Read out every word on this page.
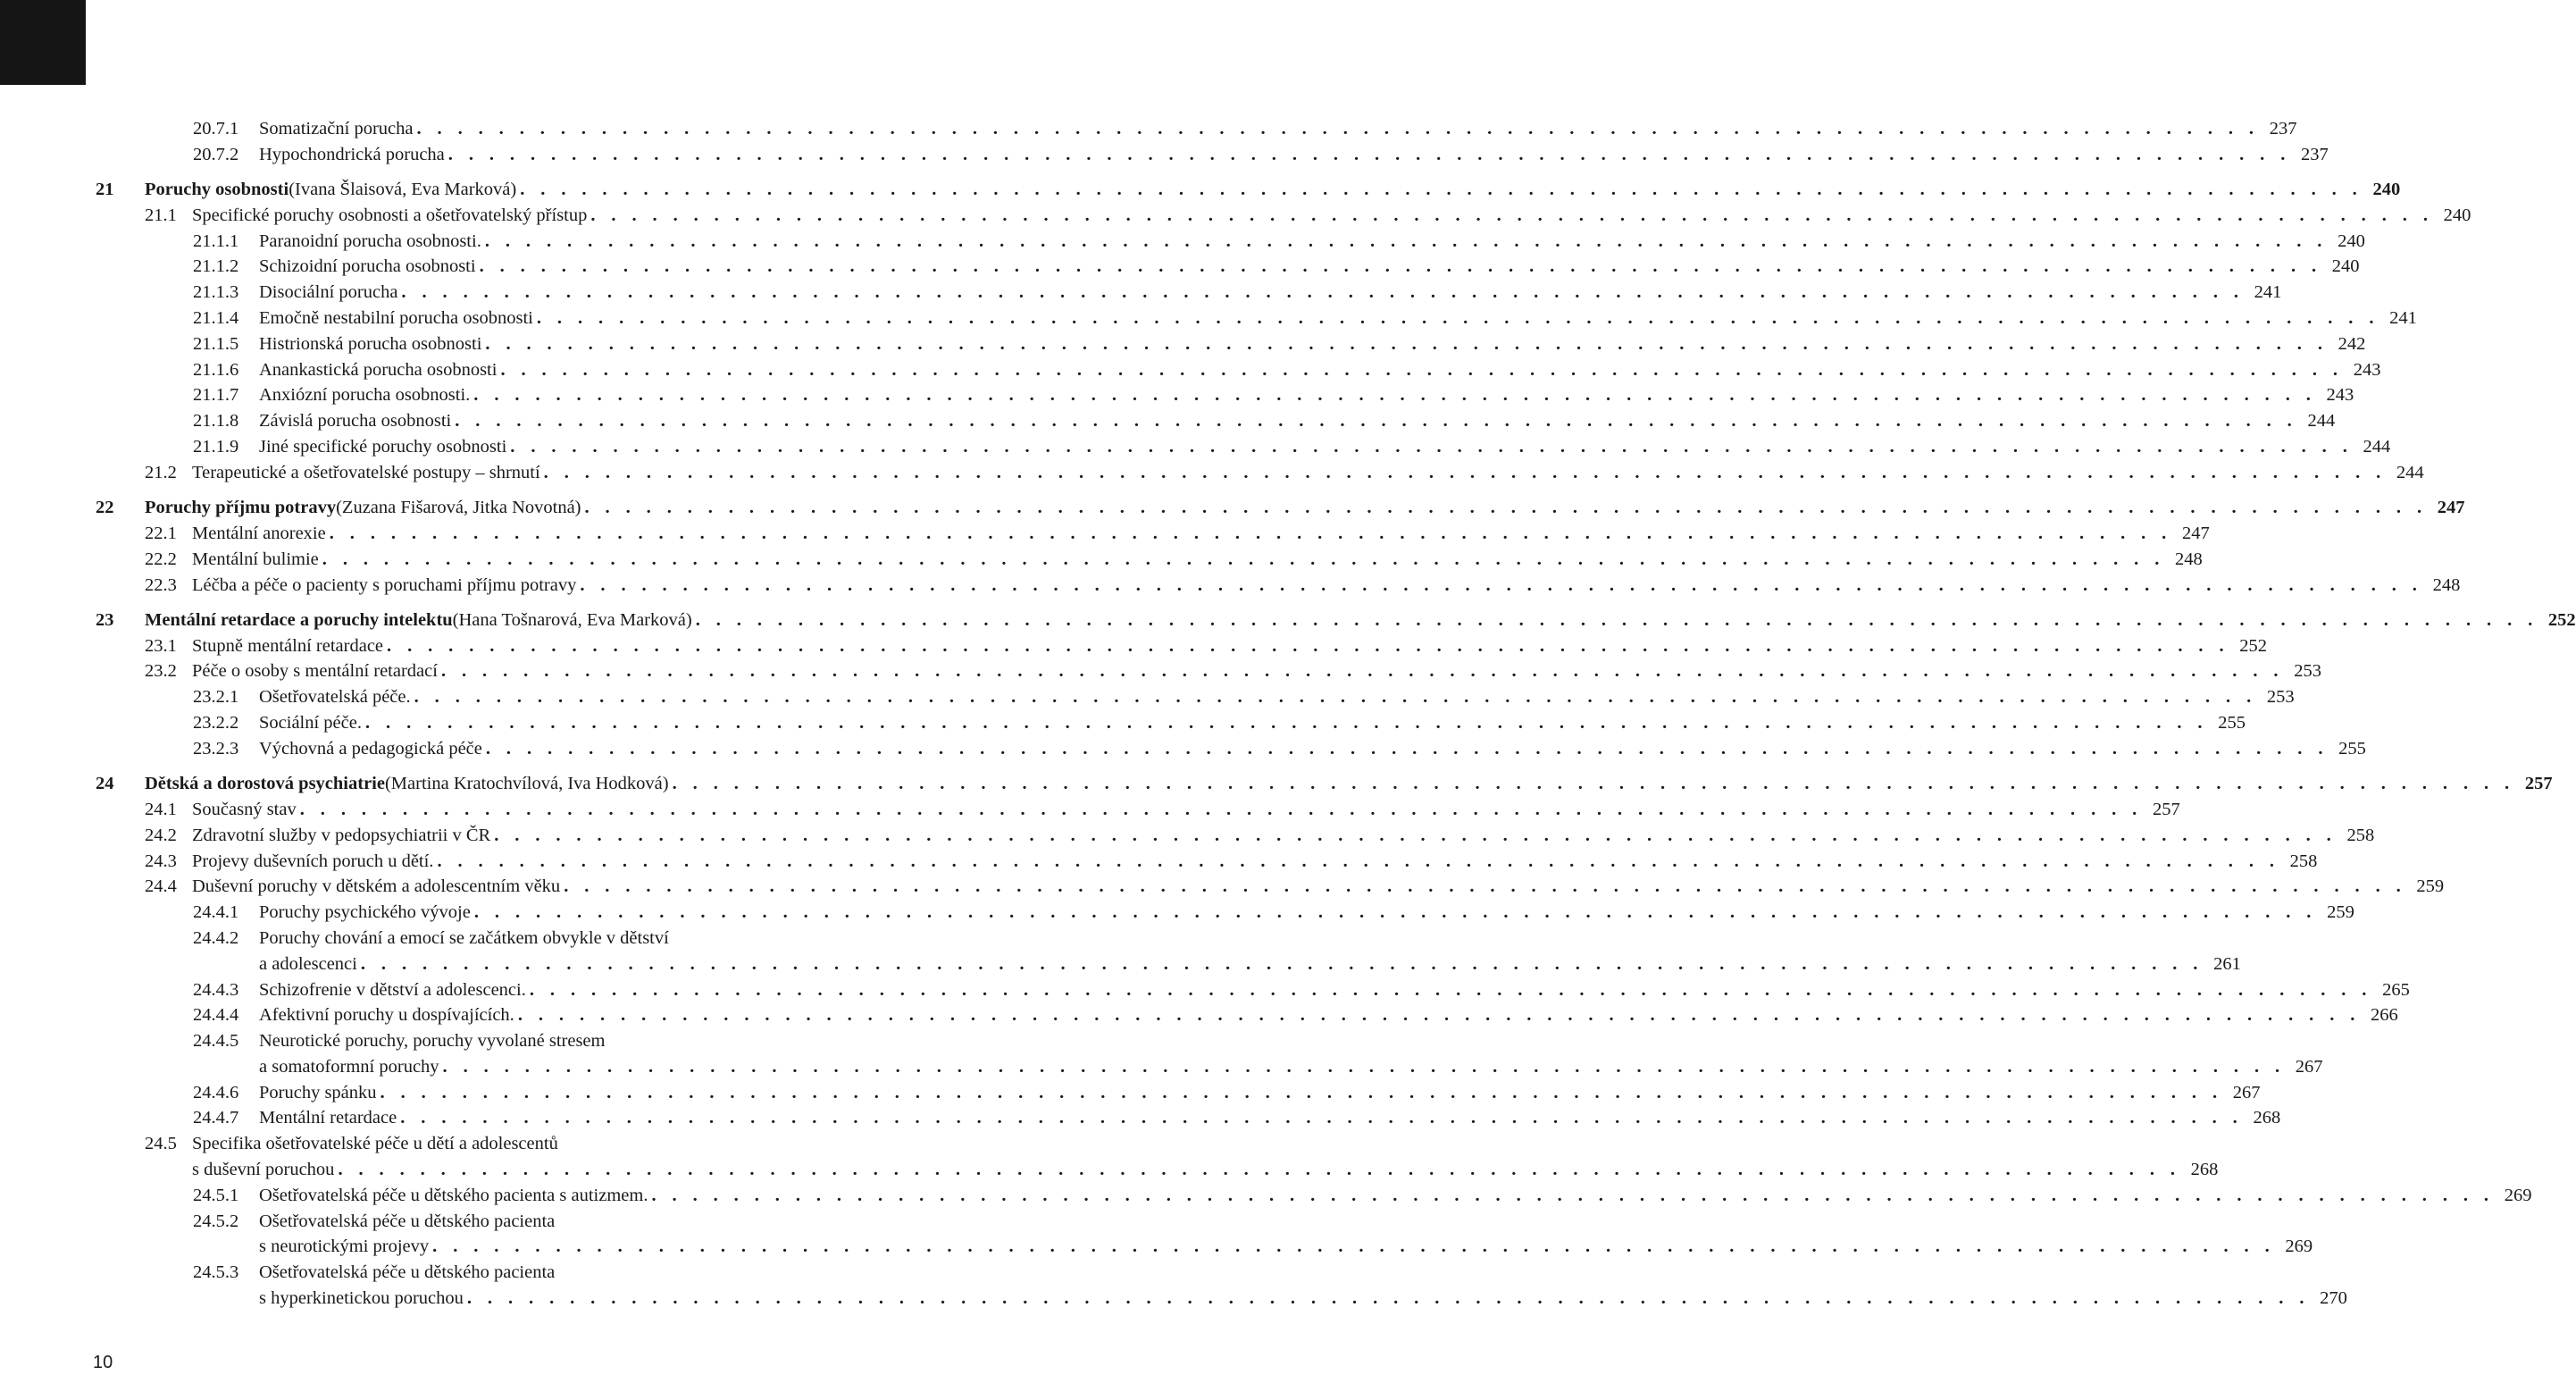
20.7.1 Somatizační porucha . . . . . . . . . . . . . . . . . . . . . . . . . . . . . . . . . . . . . . . . . . . . . . . . . . . . . . . . . . . . . . . . . . . . . . . . . . . . . . . . . . . . . . . . . . 237
20.7.2 Hypochondrická porucha . . . . . . . . . . . . . . . . . . . . . . . . . . . . . . . . . . . . . . . . . . . . . . . . . . . . . . . . . . . . . . . . . . . . . . . . . . . . . . . . . . . . . . . . . . 237
21 Poruchy osobnosti (Ivana Šlaisová, Eva Marková) . . . . . . . . . . . . . . . . . . . . . . . . . . . . . . . . . . . . . . . . . . . . . . . . . . . . . . . . . . . . . . . . . . . . . . . . . . . . . . . . . . . . . . . . . . 240
21.1 Specifické poruchy osobnosti a ošetřovatelský přístup . . . . . . . . . . . . . . . . . . . . . . . . . . . . . . . . . . . . . . . . . . . . . . . . . . . . . . . . . . . . . . . . . . . . . . . . . . . . . . . . . . . . . . . . . . 240
21.1.1 Paranoidní porucha osobnosti. . . . . . . . . . . . . . . . . . . . . . . . . . . . . . . . . . . . . . . . . . . . . . . . . . . . . . . . . . . . . . . . . . . . . . . . . . . . . . . . . . . . . . . . . . . 240
21.1.2 Schizoidní porucha osobnosti . . . . . . . . . . . . . . . . . . . . . . . . . . . . . . . . . . . . . . . . . . . . . . . . . . . . . . . . . . . . . . . . . . . . . . . . . . . . . . . . . . . . . . . . . . 240
21.1.3 Disociální porucha . . . . . . . . . . . . . . . . . . . . . . . . . . . . . . . . . . . . . . . . . . . . . . . . . . . . . . . . . . . . . . . . . . . . . . . . . . . . . . . . . . . . . . . . . . 241
21.1.4 Emočně nestabilní porucha osobnosti . . . . . . . . . . . . . . . . . . . . . . . . . . . . . . . . . . . . . . . . . . . . . . . . . . . . . . . . . . . . . . . . . . . . . . . . . . . . . . . . . . . . . . . . . . 241
21.1.5 Histrionská porucha osobnosti . . . . . . . . . . . . . . . . . . . . . . . . . . . . . . . . . . . . . . . . . . . . . . . . . . . . . . . . . . . . . . . . . . . . . . . . . . . . . . . . . . . . . . . . . . 242
21.1.6 Anankastická porucha osobnosti . . . . . . . . . . . . . . . . . . . . . . . . . . . . . . . . . . . . . . . . . . . . . . . . . . . . . . . . . . . . . . . . . . . . . . . . . . . . . . . . . . . . . . . . . . 243
21.1.7 Anxiózní porucha osobnosti. . . . . . . . . . . . . . . . . . . . . . . . . . . . . . . . . . . . . . . . . . . . . . . . . . . . . . . . . . . . . . . . . . . . . . . . . . . . . . . . . . . . . . . . . . . 243
21.1.8 Závislá porucha osobnosti . . . . . . . . . . . . . . . . . . . . . . . . . . . . . . . . . . . . . . . . . . . . . . . . . . . . . . . . . . . . . . . . . . . . . . . . . . . . . . . . . . . . . . . . . . 244
21.1.9 Jiné specifické poruchy osobnosti . . . . . . . . . . . . . . . . . . . . . . . . . . . . . . . . . . . . . . . . . . . . . . . . . . . . . . . . . . . . . . . . . . . . . . . . . . . . . . . . . . . . . . . . . . 244
21.2 Terapeutické a ošetřovatelské postupy – shrnutí . . . . . . . . . . . . . . . . . . . . . . . . . . . . . . . . . . . . . . . . . . . . . . . . . . . . . . . . . . . . . . . . . . . . . . . . . . . . . . . . . . . . . . . . . . 244
22 Poruchy příjmu potravy (Zuzana Fišarová, Jitka Novotná) . . . . . . . . . . . . . . . . . . . . . . . . . . . . . . . . . . . . . . . . . . . . . . . . . . . . . . . . . . . . . . . . . . . . . . . . . . . . . . . . . . . . . . . . . . 247
22.1 Mentální anorexie . . . . . . . . . . . . . . . . . . . . . . . . . . . . . . . . . . . . . . . . . . . . . . . . . . . . . . . . . . . . . . . . . . . . . . . . . . . . . . . . . . . . . . . . . . 247
22.2 Mentální bulimie . . . . . . . . . . . . . . . . . . . . . . . . . . . . . . . . . . . . . . . . . . . . . . . . . . . . . . . . . . . . . . . . . . . . . . . . . . . . . . . . . . . . . . . . . . 248
22.3 Léčba a péče o pacienty s poruchami příjmu potravy . . . . . . . . . . . . . . . . . . . . . . . . . . . . . . . . . . . . . . . . . . . . . . . . . . . . . . . . . . . . . . . . . . . . . . . . . . . . . . . . . . . . . . . . . . 248
23 Mentální retardace a poruchy intelektu (Hana Tošnarová, Eva Marková) . . . . . . . . . . . . . . . . . . . . . . . . . . . . . . . . . . . . . . . . . . . . . . . . . . . . . . . . . . . . . . . . . . . . . . . . . . . . . . . . . . . . . . . . . . 252
23.1 Stupně mentální retardace . . . . . . . . . . . . . . . . . . . . . . . . . . . . . . . . . . . . . . . . . . . . . . . . . . . . . . . . . . . . . . . . . . . . . . . . . . . . . . . . . . . . . . . . . . 252
23.2 Péče o osoby s mentální retardací . . . . . . . . . . . . . . . . . . . . . . . . . . . . . . . . . . . . . . . . . . . . . . . . . . . . . . . . . . . . . . . . . . . . . . . . . . . . . . . . . . . . . . . . . . 253
23.2.1 Ošetřovatelská péče. . . . . . . . . . . . . . . . . . . . . . . . . . . . . . . . . . . . . . . . . . . . . . . . . . . . . . . . . . . . . . . . . . . . . . . . . . . . . . . . . . . . . . . . . . . 253
23.2.2 Sociální péče. . . . . . . . . . . . . . . . . . . . . . . . . . . . . . . . . . . . . . . . . . . . . . . . . . . . . . . . . . . . . . . . . . . . . . . . . . . . . . . . . . . . . . . . . . . 255
23.2.3 Výchovná a pedagogická péče . . . . . . . . . . . . . . . . . . . . . . . . . . . . . . . . . . . . . . . . . . . . . . . . . . . . . . . . . . . . . . . . . . . . . . . . . . . . . . . . . . . . . . . . . . 255
24 Dětská a dorostová psychiatrie (Martina Kratochvílová, Iva Hodková) . . . . . . . . . . . . . . . . . . . . . . . . . . . . . . . . . . . . . . . . . . . . . . . . . . . . . . . . . . . . . . . . . . . . . . . . . . . . . . . . . . . . . . . . . . 257
24.1 Současný stav . . . . . . . . . . . . . . . . . . . . . . . . . . . . . . . . . . . . . . . . . . . . . . . . . . . . . . . . . . . . . . . . . . . . . . . . . . . . . . . . . . . . . . . . . . 257
24.2 Zdravotní služby v pedopsychiatrii v ČR . . . . . . . . . . . . . . . . . . . . . . . . . . . . . . . . . . . . . . . . . . . . . . . . . . . . . . . . . . . . . . . . . . . . . . . . . . . . . . . . . . . . . . . . . . 258
24.3 Projevy duševních poruch u dětí. . . . . . . . . . . . . . . . . . . . . . . . . . . . . . . . . . . . . . . . . . . . . . . . . . . . . . . . . . . . . . . . . . . . . . . . . . . . . . . . . . . . . . . . . . . 258
24.4 Duševní poruchy v dětském a adolescentním věku . . . . . . . . . . . . . . . . . . . . . . . . . . . . . . . . . . . . . . . . . . . . . . . . . . . . . . . . . . . . . . . . . . . . . . . . . . . . . . . . . . . . . . . . . . 259
24.4.1 Poruchy psychického vývoje . . . . . . . . . . . . . . . . . . . . . . . . . . . . . . . . . . . . . . . . . . . . . . . . . . . . . . . . . . . . . . . . . . . . . . . . . . . . . . . . . . . . . . . . . . 259
24.4.2 Poruchy chování a emocí se začátkem obvykle v dětství
a adolescenci . . . . . . . . . . . . . . . . . . . . . . . . . . . . . . . . . . . . . . . . . . . . . . . . . . . . . . . . . . . . . . . . . . . . . . . . . . . . . . . . . . . . . . . . . . 261
24.4.3 Schizofrenie v dětství a adolescenci. . . . . . . . . . . . . . . . . . . . . . . . . . . . . . . . . . . . . . . . . . . . . . . . . . . . . . . . . . . . . . . . . . . . . . . . . . . . . . . . . . . . . . . . . . . 265
24.4.4 Afektivní poruchy u dospívajících. . . . . . . . . . . . . . . . . . . . . . . . . . . . . . . . . . . . . . . . . . . . . . . . . . . . . . . . . . . . . . . . . . . . . . . . . . . . . . . . . . . . . . . . . . . 266
24.4.5 Neurotické poruchy, poruchy vyvolané stresem
a somatoformní poruchy . . . . . . . . . . . . . . . . . . . . . . . . . . . . . . . . . . . . . . . . . . . . . . . . . . . . . . . . . . . . . . . . . . . . . . . . . . . . . . . . . . . . . . . . . . 267
24.4.6 Poruchy spánku . . . . . . . . . . . . . . . . . . . . . . . . . . . . . . . . . . . . . . . . . . . . . . . . . . . . . . . . . . . . . . . . . . . . . . . . . . . . . . . . . . . . . . . . . . 267
24.4.7 Mentální retardace . . . . . . . . . . . . . . . . . . . . . . . . . . . . . . . . . . . . . . . . . . . . . . . . . . . . . . . . . . . . . . . . . . . . . . . . . . . . . . . . . . . . . . . . . . 268
24.5 Specifika ošetřovatelské péče u dětí a adolescentů
s duševní poruchou . . . . . . . . . . . . . . . . . . . . . . . . . . . . . . . . . . . . . . . . . . . . . . . . . . . . . . . . . . . . . . . . . . . . . . . . . . . . . . . . . . . . . . . . . . 268
24.5.1 Ošetřovatelská péče u dětského pacienta s autizmem. . . . . . . . . . . . . . . . . . . . . . . . . . . . . . . . . . . . . . . . . . . . . . . . . . . . . . . . . . . . . . . . . . . . . . . . . . . . . . . . . . . . . . . . . . . 269
24.5.2 Ošetřovatelská péče u dětského pacienta
s neurotickými projevy . . . . . . . . . . . . . . . . . . . . . . . . . . . . . . . . . . . . . . . . . . . . . . . . . . . . . . . . . . . . . . . . . . . . . . . . . . . . . . . . . . . . . . . . . . 269
24.5.3 Ošetřovatelská péče u dětského pacienta
s hyperkinetickou poruchou . . . . . . . . . . . . . . . . . . . . . . . . . . . . . . . . . . . . . . . . . . . . . . . . . . . . . . . . . . . . . . . . . . . . . . . . . . . . . . . . . . . . . . . . . . 270
10
